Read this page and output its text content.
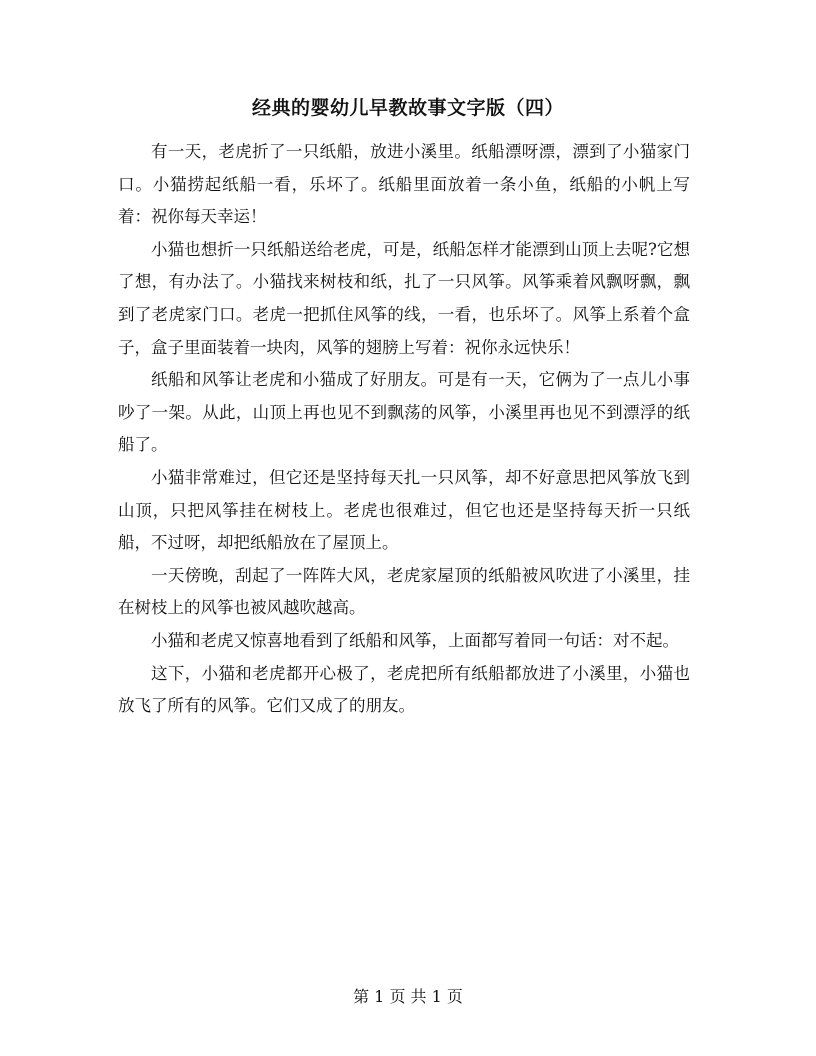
经典的婴幼儿早教故事文字版（四）

有一天，老虎折了一只纸船，放进小溪里。纸船漂呀漂，漂到了小猫家门口。小猫捞起纸船一看，乐坏了。纸船里面放着一条小鱼，纸船的小帆上写着：祝你每天幸运！

小猫也想折一只纸船送给老虎，可是，纸船怎样才能漂到山顶上去呢?它想了想，有办法了。小猫找来树枝和纸，扎了一只风筝。风筝乘着风飘呀飘，飘到了老虎家门口。老虎一把抓住风筝的线，一看，也乐坏了。风筝上系着个盒子，盒子里面装着一块肉，风筝的翅膀上写着：祝你永远快乐！

纸船和风筝让老虎和小猫成了好朋友。可是有一天，它俩为了一点儿小事吵了一架。从此，山顶上再也见不到飘荡的风筝，小溪里再也见不到漂浮的纸船了。

小猫非常难过，但它还是坚持每天扎一只风筝，却不好意思把风筝放飞到山顶，只把风筝挂在树枝上。老虎也很难过，但它也还是坚持每天折一只纸船，不过呀，却把纸船放在了屋顶上。

一天傍晚，刮起了一阵阵大风，老虎家屋顶的纸船被风吹进了小溪里，挂在树枝上的风筝也被风越吹越高。

小猫和老虎又惊喜地看到了纸船和风筝，上面都写着同一句话：对不起。

这下，小猫和老虎都开心极了，老虎把所有纸船都放进了小溪里，小猫也放飞了所有的风筝。它们又成了的朋友。

第 1 页 共 1 页
